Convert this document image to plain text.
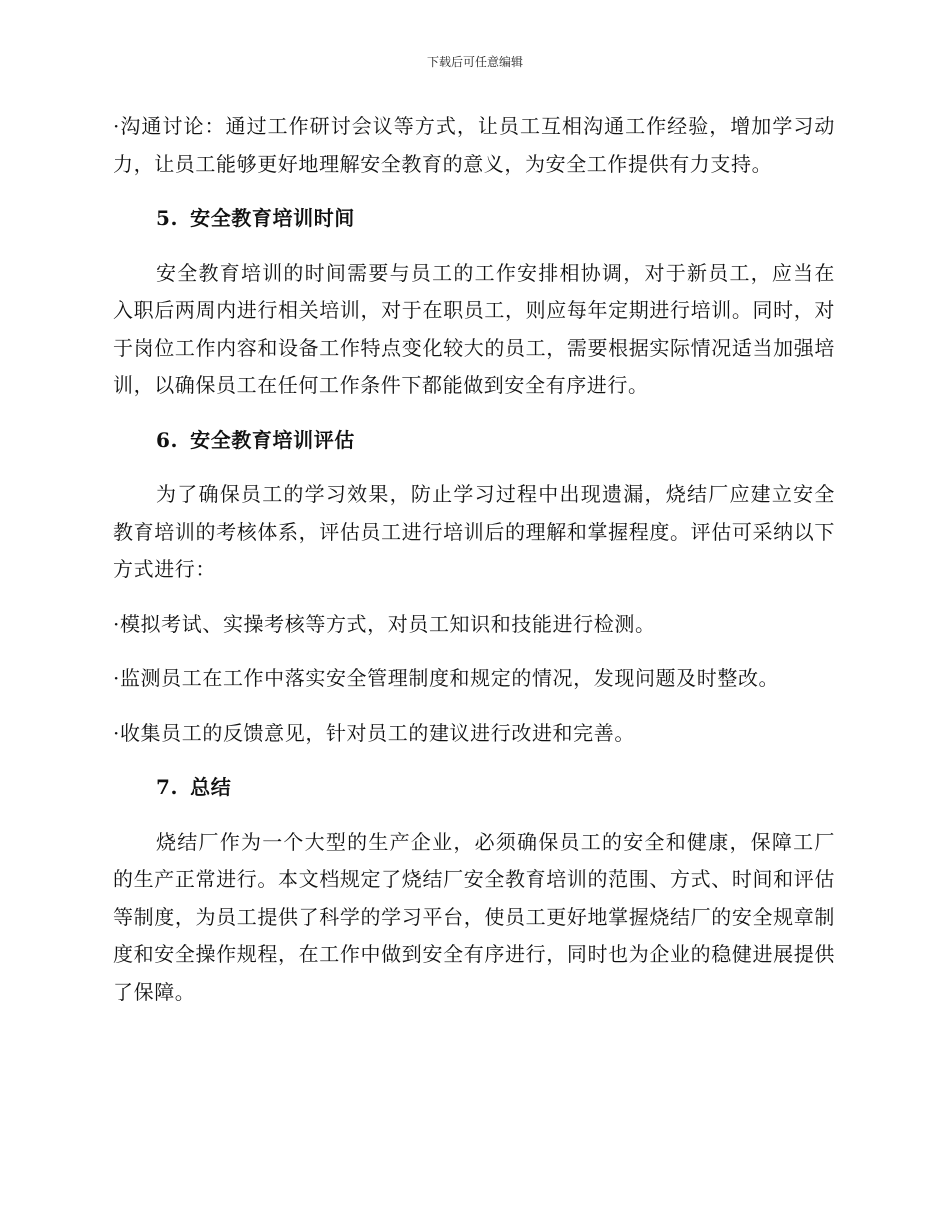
下载后可任意编辑

·沟通讨论：通过工作研讨会议等方式，让员工互相沟通工作经验，增加学习动力，让员工能够更好地理解安全教育的意义，为安全工作提供有力支持。

5. 安全教育培训时间

安全教育培训的时间需要与员工的工作安排相协调，对于新员工，应当在入职后两周内进行相关培训，对于在职员工，则应每年定期进行培训。同时，对于岗位工作内容和设备工作特点变化较大的员工，需要根据实际情况适当加强培训，以确保员工在任何工作条件下都能做到安全有序进行。

6. 安全教育培训评估

为了确保员工的学习效果，防止学习过程中出现遗漏，烧结厂应建立安全教育培训的考核体系，评估员工进行培训后的理解和掌握程度。评估可采纳以下方式进行：

·模拟考试、实操考核等方式，对员工知识和技能进行检测。

·监测员工在工作中落实安全管理制度和规定的情况，发现问题及时整改。

·收集员工的反馈意见，针对员工的建议进行改进和完善。

7. 总结

烧结厂作为一个大型的生产企业，必须确保员工的安全和健康，保障工厂的生产正常进行。本文档规定了烧结厂安全教育培训的范围、方式、时间和评估等制度，为员工提供了科学的学习平台，使员工更好地掌握烧结厂的安全规章制度和安全操作规程，在工作中做到安全有序进行，同时也为企业的稳健进展提供了保障。
